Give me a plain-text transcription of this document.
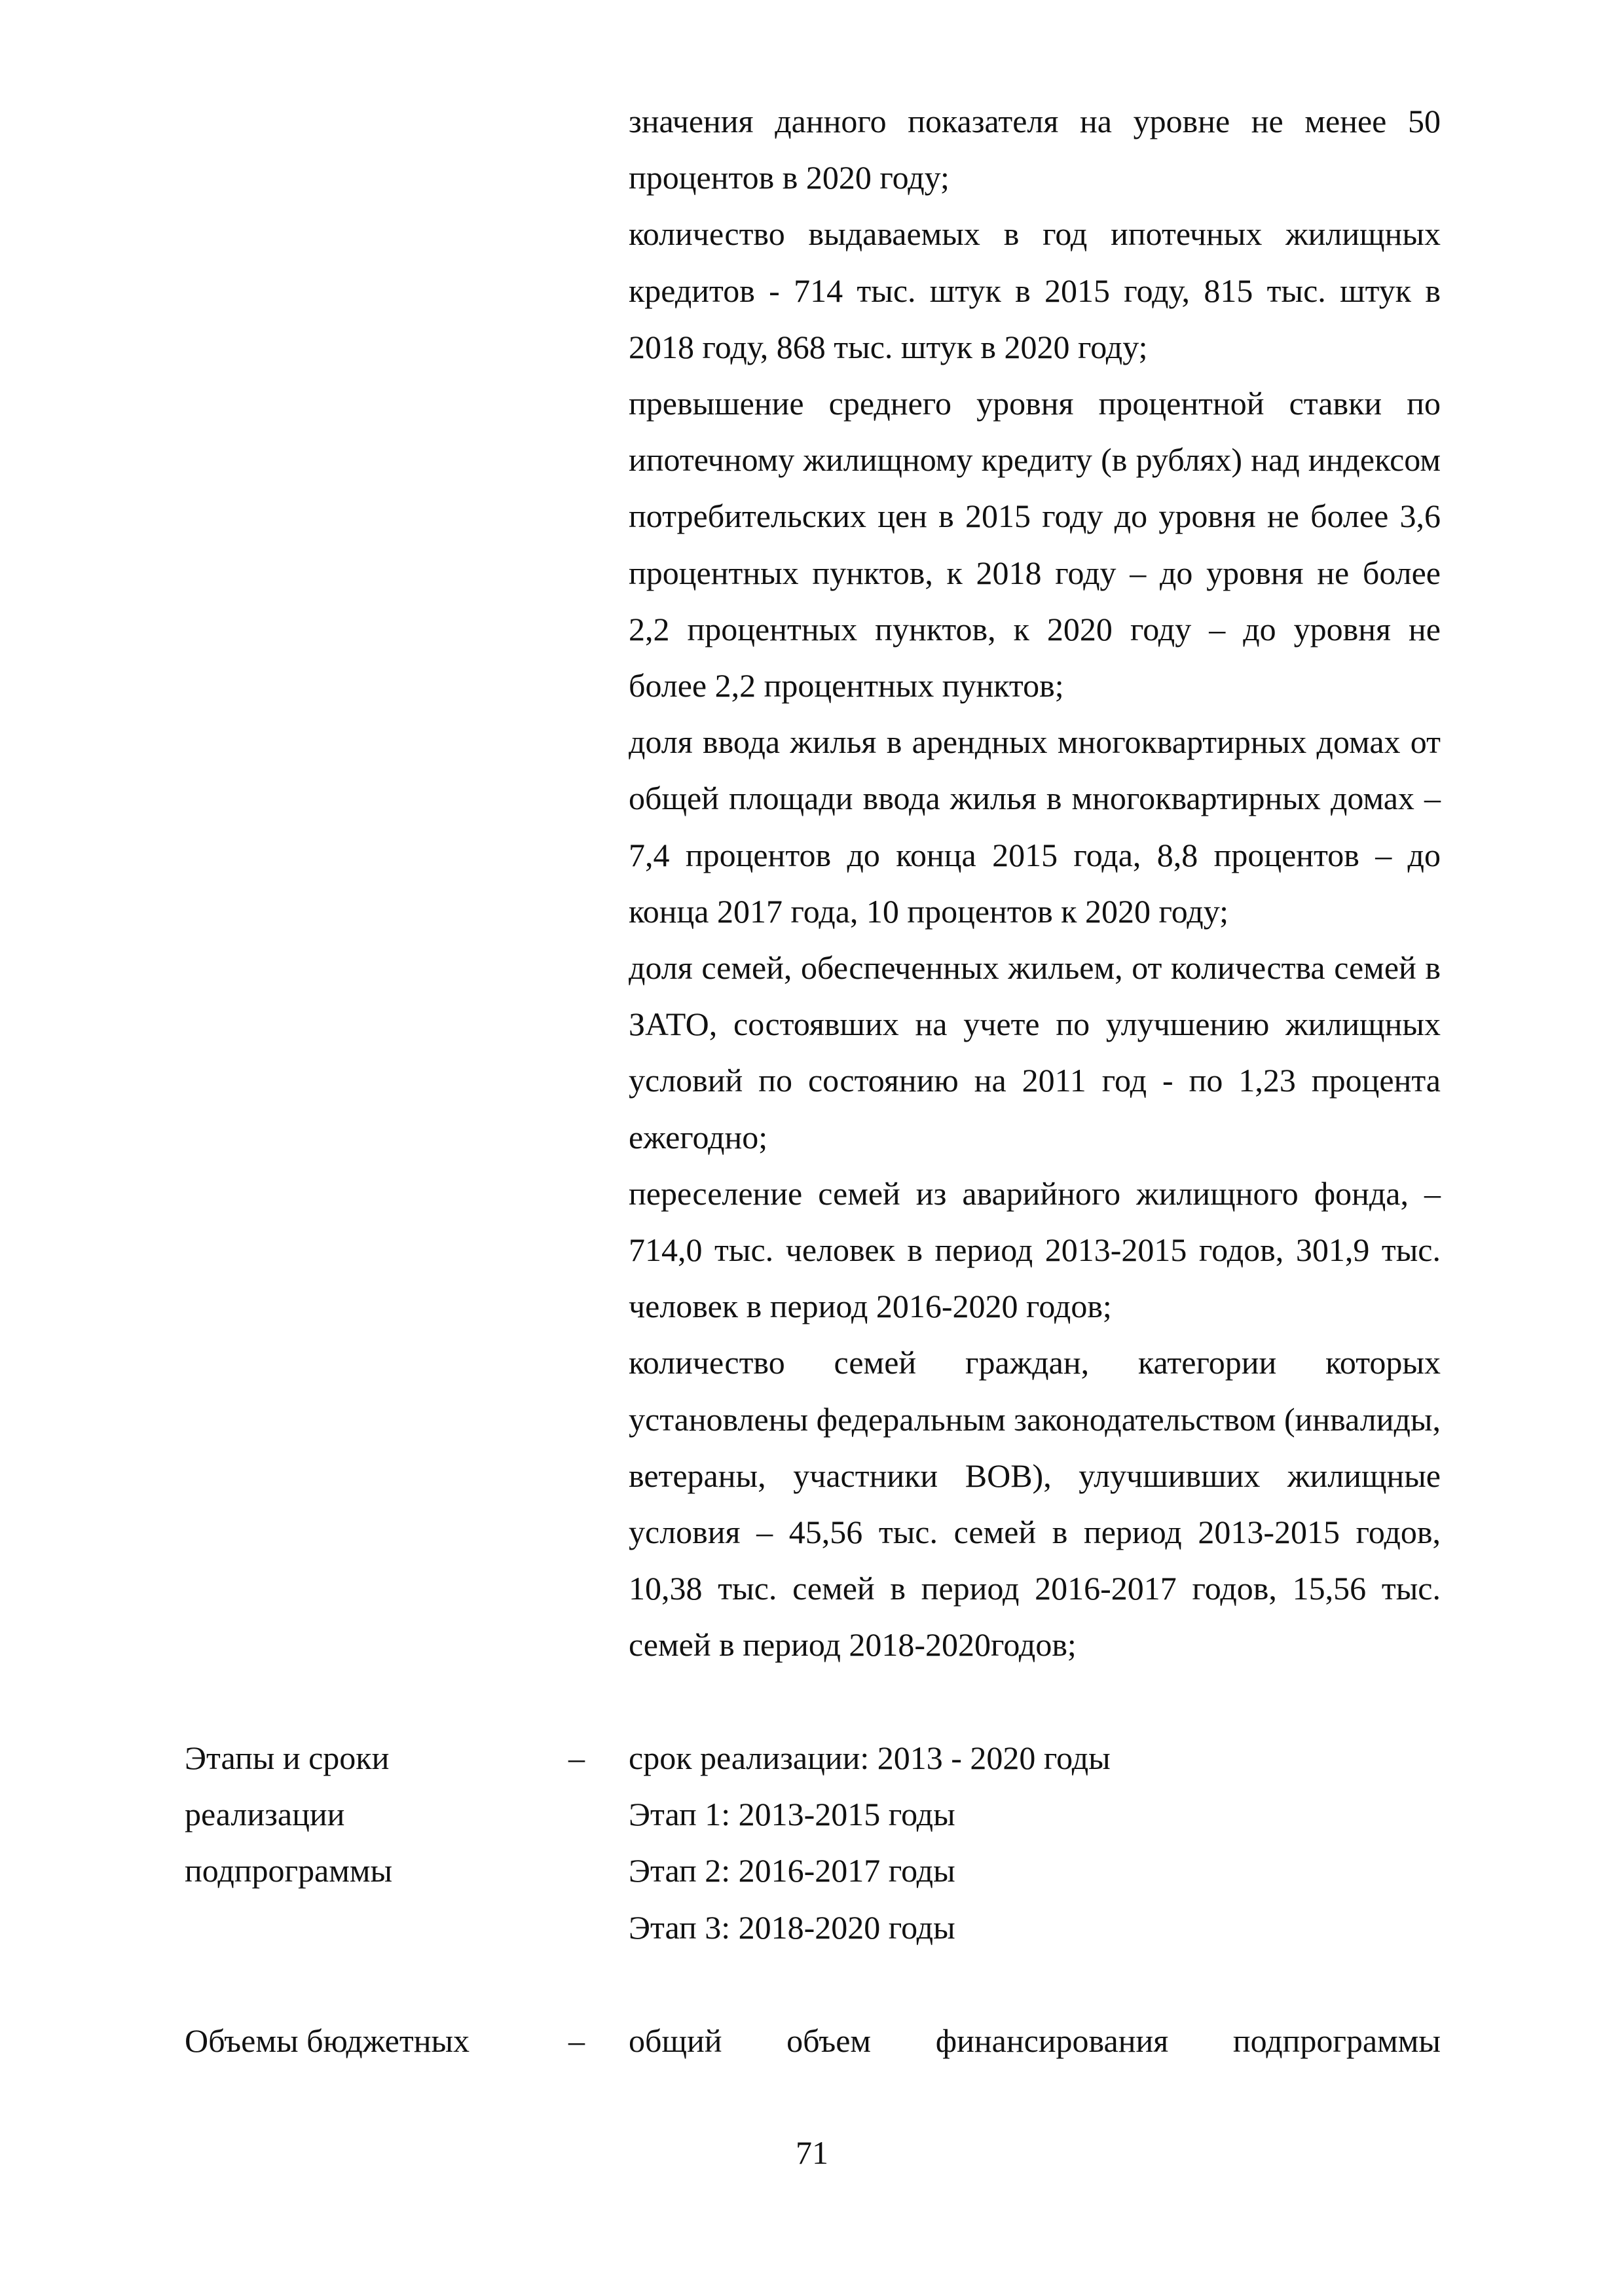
значения данного показателя на уровне не менее 50 процентов в 2020 году;

количество выдаваемых в год ипотечных жилищных кредитов - 714 тыс. штук в 2015 году, 815 тыс. штук в 2018 году, 868 тыс. штук в 2020 году;

превышение среднего уровня процентной ставки по ипотечному жилищному кредиту (в рублях) над индексом потребительских цен в 2015 году до уровня не более 3,6 процентных пунктов, к 2018 году – до уровня не более 2,2 процентных пунктов, к 2020 году – до уровня не более 2,2 процентных пунктов;

доля ввода жилья в арендных многоквартирных домах от общей площади ввода жилья в многоквартирных домах – 7,4 процентов до конца 2015 года, 8,8 процентов – до конца 2017 года, 10 процентов к 2020 году;

доля семей, обеспеченных жильем, от количества семей в ЗАТО, состоявших на учете по улучшению жилищных условий по состоянию на 2011 год - по 1,23 процента ежегодно;

переселение семей из аварийного жилищного фонда, – 714,0 тыс. человек в период 2013-2015 годов, 301,9 тыс. человек в период 2016-2020 годов;

количество семей граждан, категории которых установлены федеральным законодательством (инвалиды, ветераны, участники ВОВ), улучшивших жилищные условия – 45,56 тыс. семей в период 2013-2015 годов, 10,38 тыс. семей в период 2016-2017 годов, 15,56 тыс. семей в период 2018-2020годов;

Этапы и сроки
реализации
подпрограммы
– срок реализации: 2013 - 2020 годы
Этап 1: 2013-2015 годы
Этап 2: 2016-2017 годы
Этап 3: 2018-2020 годы
Объемы бюджетных	– общий объем финансирования подпрограммы
71
